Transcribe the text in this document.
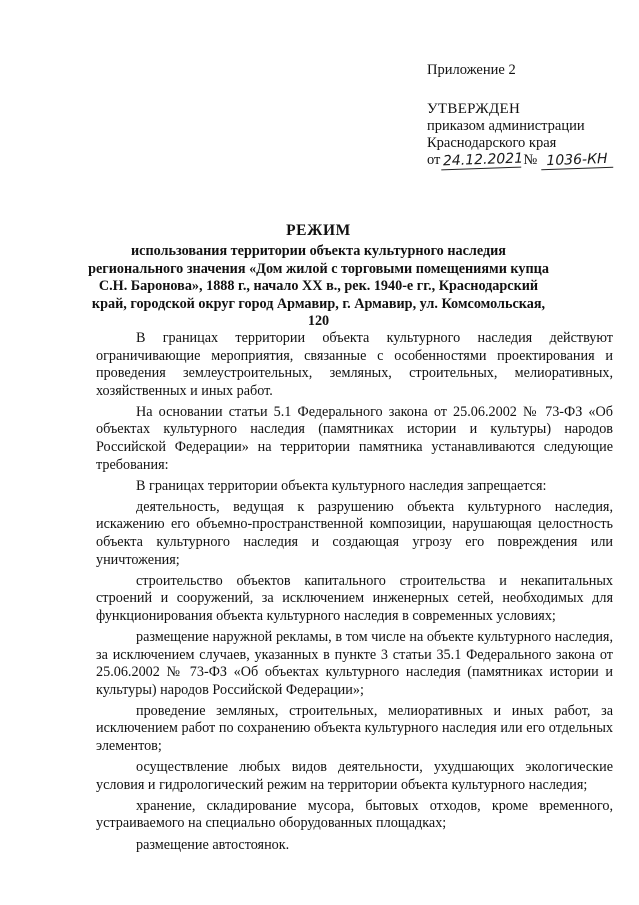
Приложение 2
УТВЕРЖДЕН
приказом администрации
Краснодарского края
от 24.12.2021 № 1036-КН
РЕЖИМ
использования территории объекта культурного наследия регионального значения «Дом жилой с торговыми помещениями купца С.Н. Баронова», 1888 г., начало XX в., рек. 1940-е гг., Краснодарский край, городской округ город Армавир, г. Армавир, ул. Комсомольская, 120

В границах территории объекта культурного наследия действуют ограничивающие мероприятия, связанные с особенностями проектирования и проведения землеустроительных, земляных, строительных, мелиоративных, хозяйственных и иных работ.

На основании статьи 5.1 Федерального закона от 25.06.2002 № 73-ФЗ «Об объектах культурного наследия (памятниках истории и культуры) народов Российской Федерации» на территории памятника устанавливаются следующие требования:

В границах территории объекта культурного наследия запрещается:

деятельность, ведущая к разрушению объекта культурного наследия, искажению его объемно-пространственной композиции, нарушающая целостность объекта культурного наследия и создающая угрозу его повреждения или уничтожения;

строительство объектов капитального строительства и некапитальных строений и сооружений, за исключением инженерных сетей, необходимых для функционирования объекта культурного наследия в современных условиях;

размещение наружной рекламы, в том числе на объекте культурного наследия, за исключением случаев, указанных в пункте 3 статьи 35.1 Федерального закона от 25.06.2002 № 73-ФЗ «Об объектах культурного наследия (памятниках истории и культуры) народов Российской Федерации»;

проведение земляных, строительных, мелиоративных и иных работ, за исключением работ по сохранению объекта культурного наследия или его отдельных элементов;

осуществление любых видов деятельности, ухудшающих экологические условия и гидрологический режим на территории объекта культурного наследия;

хранение, складирование мусора, бытовых отходов, кроме временного, устраиваемого на специально оборудованных площадках;

размещение автостоянок.
